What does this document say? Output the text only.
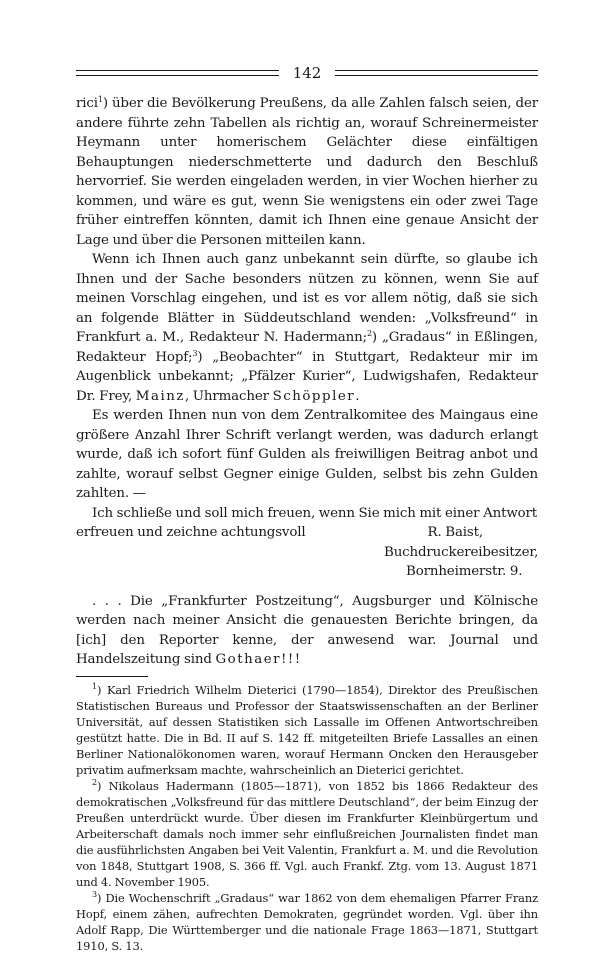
142

rici$^1$) über die Bevölkerung Preußens, da alle Zahlen falsch seien, der andere führte zehn Tabellen als richtig an, worauf Schreinermeister Heymann unter homerischem Gelächter diese einfältigen Behauptungen niederschmetterte und dadurch den Beschluß hervorrief. Sie werden eingeladen werden, in vier Wochen hierher zu kommen, und wäre es gut, wenn Sie wenigstens ein oder zwei Tage früher eintreffen könnten, damit ich Ihnen eine genaue Ansicht der Lage und über die Personen mitteilen kann.

Wenn ich Ihnen auch ganz unbekannt sein dürfte, so glaube ich Ihnen und der Sache besonders nützen zu können, wenn Sie auf meinen Vorschlag eingehen, und ist es vor allem nötig, daß sie sich an folgende Blätter in Süddeutschland wenden: „Volksfreund“ in Frankfurt a. M., Redakteur N. Hadermann;$^2$) „Gradaus“ in Eßlingen, Redakteur Hopf;$^3$) „Beobachter“ in Stuttgart, Redakteur mir im Augenblick unbekannt; „Pfälzer Kurier“, Ludwigshafen, Redakteur Dr. Frey, Mainz, Uhrmacher Schöppler.

Es werden Ihnen nun von dem Zentralkomitee des Maingaus eine größere Anzahl Ihrer Schrift verlangt werden, was dadurch erlangt wurde, daß ich sofort fünf Gulden als freiwilligen Beitrag anbot und zahlte, worauf selbst Gegner einige Gulden, selbst bis zehn Gulden zahlten. —

Ich schließe und soll mich freuen, wenn Sie mich mit einer Antwort

erfreuen und zeichne achtungsvoll	R. Baist,
Buchdruckereibesitzer,
Bornheimerstr. 9.

. . . Die „Frankfurter Postzeitung“, Augsburger und Kölnische werden nach meiner Ansicht die genauesten Berichte bringen, da [ich] den Reporter kenne, der anwesend war. Journal und Handelszeitung sind Gothaer!!!

$^1$) Karl Friedrich Wilhelm Dieterici (1790—1854), Direktor des Preußischen Statistischen Bureaus und Professor der Staatswissenschaften an der Berliner Universität, auf dessen Statistiken sich Lassalle im Offenen Antwortschreiben gestützt hatte. Die in Bd. II auf S. 142 ff. mitgeteilten Briefe Lassalles an einen Berliner Nationalökonomen waren, worauf Hermann Oncken den Herausgeber privatim aufmerksam machte, wahrscheinlich an Dieterici gerichtet.

$^2$) Nikolaus Hadermann (1805—1871), von 1852 bis 1866 Redakteur des demokratischen „Volksfreund für das mittlere Deutschland“, der beim Einzug der Preußen unterdrückt wurde. Über diesen im Frankfurter Kleinbürgertum und Arbeiterschaft damals noch immer sehr einflußreichen Journalisten findet man die ausführlichsten Angaben bei Veit Valentin, Frankfurt a. M. und die Revolution von 1848, Stuttgart 1908, S. 366 ff. Vgl. auch Frankf. Ztg. vom 13. August 1871 und 4. November 1905.

$^3$) Die Wochenschrift „Gradaus“ war 1862 von dem ehemaligen Pfarrer Franz Hopf, einem zähen, aufrechten Demokraten, gegründet worden. Vgl. über ihn Adolf Rapp, Die Württemberger und die nationale Frage 1863—1871, Stuttgart 1910, S. 13.
